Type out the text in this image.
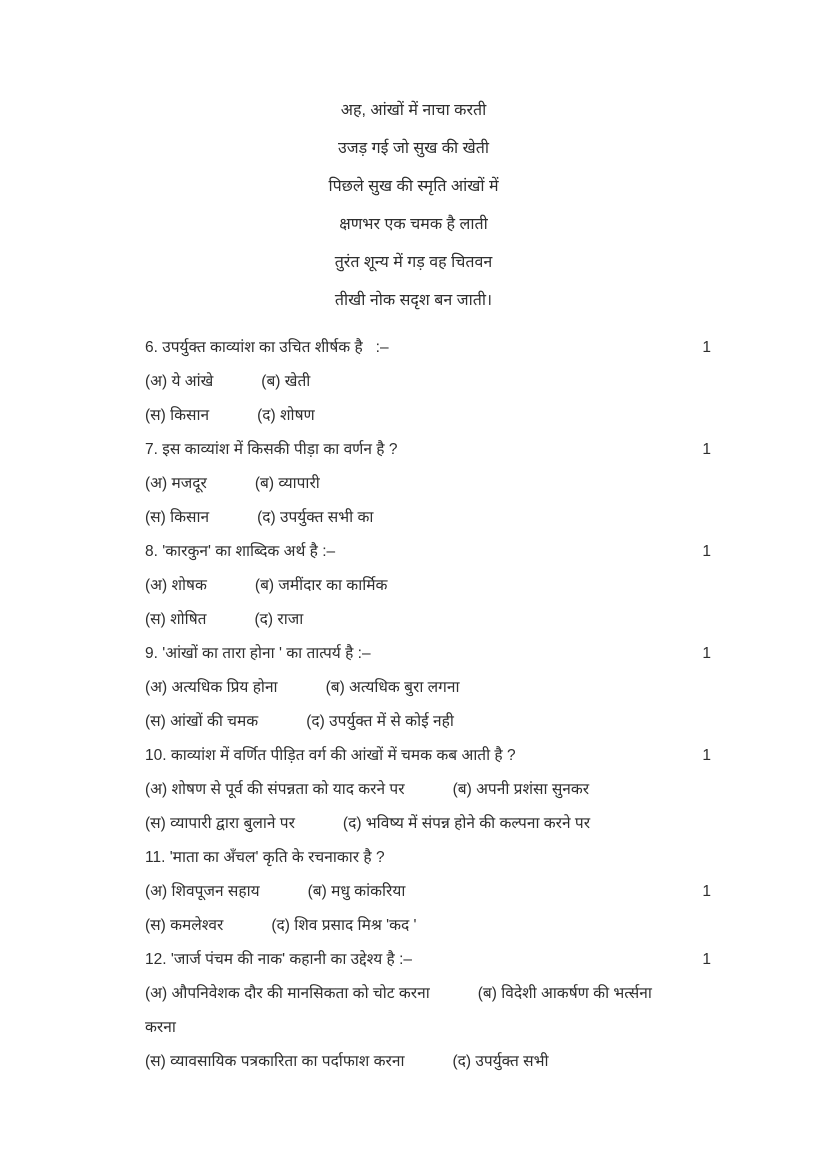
अह, आंखों में नाचा करती

उजड़ गई जो सुख की खेती

पिछले सुख की स्मृति आंखों में

क्षणभर एक चमक है लाती

तुरंत शून्य में गड़ वह चितवन

तीखी नोक सदृश बन जाती।

6. उपर्युक्त काव्यांश का उचित शीर्षक है   :–	1

(अ) ये आंखे	(ब) खेती

(स) किसान	(द) शोषण

7. इस काव्यांश में किसकी पीड़ा का वर्णन है ?	1

(अ) मजदूर	(ब) व्यापारी

(स) किसान	(द) उपर्युक्त सभी का

8. 'कारकुन' का शाब्दिक अर्थ है :–	1

(अ) शोषक	(ब) जमींदार का कार्मिक

(स) शोषित	(द) राजा

9. 'आंखों का तारा होना ' का तात्पर्य है :–	1

(अ) अत्यधिक प्रिय होना	(ब) अत्यधिक बुरा लगना

(स) आंखों की चमक	(द) उपर्युक्त में से कोई नही

10. काव्यांश में वर्णित पीड़ित वर्ग की आंखों में चमक कब आती है ?	1

(अ) शोषण से पूर्व की संपन्नता को याद करने पर	(ब) अपनी प्रशंसा सुनकर

(स) व्यापारी द्वारा बुलाने पर	(द) भविष्य में संपन्न होने की कल्पना करने पर

11. 'माता का अँचल' कृति के रचनाकार है ?

(अ) शिवपूजन सहाय	(ब) मधु कांकरिया	1

(स) कमलेश्वर	(द) शिव प्रसाद मिश्र 'कद '

12. 'जार्ज पंचम की नाक' कहानी का उद्देश्य है :–	1

(अ) औपनिवेशक दौर की मानसिकता को चोट करना	(ब) विदेशी आकर्षण की भर्त्सना करना

(स) व्यावसायिक पत्रकारिता का पर्दाफाश करना	(द) उपर्युक्त सभी
